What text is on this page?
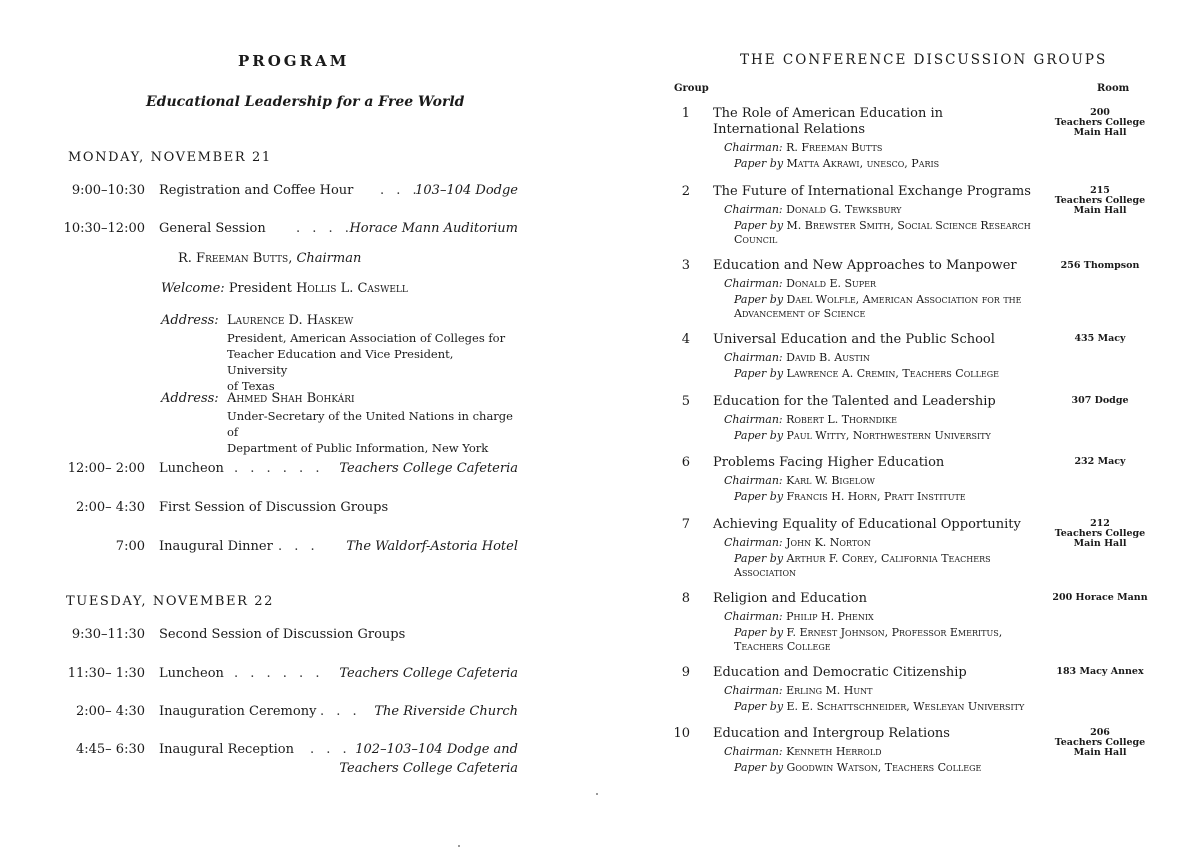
PROGRAM
Educational Leadership for a Free World
MONDAY, NOVEMBER 21
9:00–10:30 Registration and Coffee Hour . . .
103–104 Dodge
10:30–12:00 General Session . . . .
Horace Mann Auditorium
R. Freeman Butts, Chairman
Welcome: President Hollis L. Caswell
Address: Laurence D. Haskew
President, American Association of Colleges for
Teacher Education and Vice President, University
of Texas
Address: Ahmed Shah Bohkári
Under-Secretary of the United Nations in charge of
Department of Public Information, New York
12:00– 2:00 Luncheon . . . . . . Teachers College Cafeteria
2:00– 4:30 First Session of Discussion Groups
7:00 Inaugural Dinner . . . The Waldorf-Astoria Hotel
TUESDAY, NOVEMBER 22
9:30–11:30 Second Session of Discussion Groups
11:30– 1:30 Luncheon . . . . . . Teachers College Cafeteria
2:00– 4:30 Inauguration Ceremony . . . The Riverside Church
4:45– 6:30 Inaugural Reception . . . 102–103–104 Dodge and
Teachers College Cafeteria
THE CONFERENCE DISCUSSION GROUPS
Group	Room
1 The Role of American Education in International Relations
Chairman: R. Freeman Butts
Paper by Matta Akrawi, unesco, Paris
200
Teachers College
Main Hall
2 The Future of International Exchange Programs
Chairman: Donald G. Tewksbury
Paper by M. Brewster Smith, Social Science Research Council
215
Teachers College
Main Hall
3 Education and New Approaches to Manpower
Chairman: Donald E. Super
Paper by Dael Wolfle, American Association for the Advancement of Science
256 Thompson
4 Universal Education and the Public School
Chairman: David B. Austin
Paper by Lawrence A. Cremin, Teachers College
435 Macy
5 Education for the Talented and Leadership
Chairman: Robert L. Thorndike
Paper by Paul Witty, Northwestern University
307 Dodge
6 Problems Facing Higher Education
Chairman: Karl W. Bigelow
Paper by Francis H. Horn, Pratt Institute
232 Macy
7 Achieving Equality of Educational Opportunity
Chairman: John K. Norton
Paper by Arthur F. Corey, California Teachers Association
212
Teachers College
Main Hall
8 Religion and Education
Chairman: Philip H. Phenix
Paper by F. Ernest Johnson, Professor Emeritus, Teachers College
200 Horace Mann
9 Education and Democratic Citizenship
Chairman: Erling M. Hunt
Paper by E. E. Schattschneider, Wesleyan University
183 Macy Annex
10 Education and Intergroup Relations
Chairman: Kenneth Herrold
Paper by Goodwin Watson, Teachers College
206
Teachers College
Main Hall
